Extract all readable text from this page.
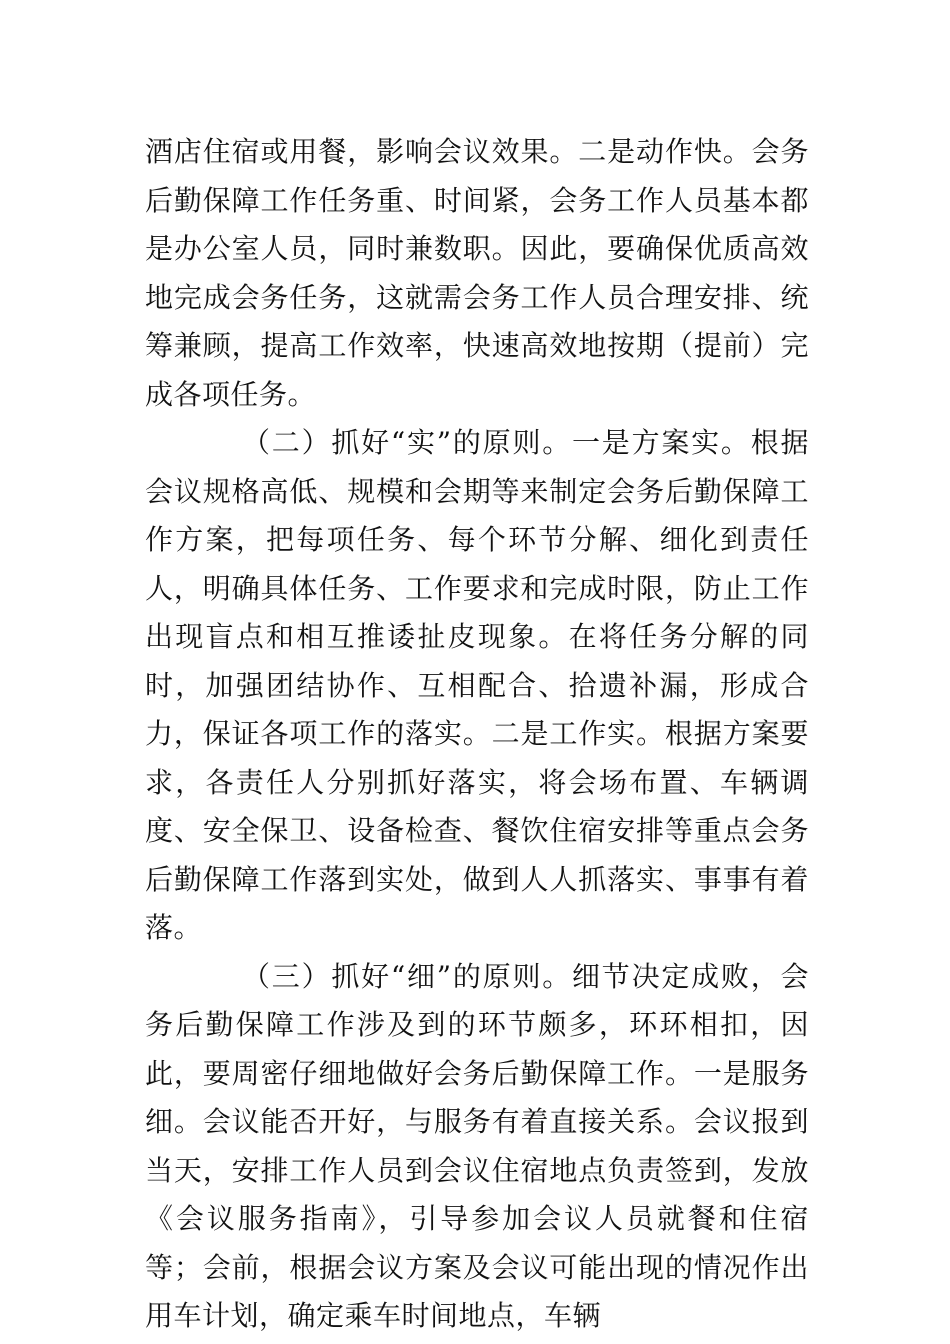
酒店住宿或用餐，影响会议效果。二是动作快。会务后勤保障工作任务重、时间紧，会务工作人员基本都是办公室人员，同时兼数职。因此，要确保优质高效地完成会务任务，这就需会务工作人员合理安排、统筹兼顾，提高工作效率，快速高效地按期（提前）完成各项任务。

（二）抓好“实”的原则。一是方案实。根据会议规格高低、规模和会期等来制定会务后勤保障工作方案，把每项任务、每个环节分解、细化到责任人，明确具体任务、工作要求和完成时限，防止工作出现盲点和相互推诿扯皮现象。在将任务分解的同时，加强团结协作、互相配合、拾遗补漏，形成合力，保证各项工作的落实。二是工作实。根据方案要求，各责任人分别抓好落实，将会场布置、车辆调度、安全保卫、设备检查、餐饮住宿安排等重点会务后勤保障工作落到实处，做到人人抓落实、事事有着落。

（三）抓好“细”的原则。细节决定成败，会务后勤保障工作涉及到的环节颇多，环环相扣，因此，要周密仔细地做好会务后勤保障工作。一是服务细。会议能否开好，与服务有着直接关系。会议报到当天，安排工作人员到会议住宿地点负责签到，发放《会议服务指南》，引导参加会议人员就餐和住宿等；会前，根据会议方案及会议可能出现的情况作出用车计划，确定乘车时间地点，车辆
